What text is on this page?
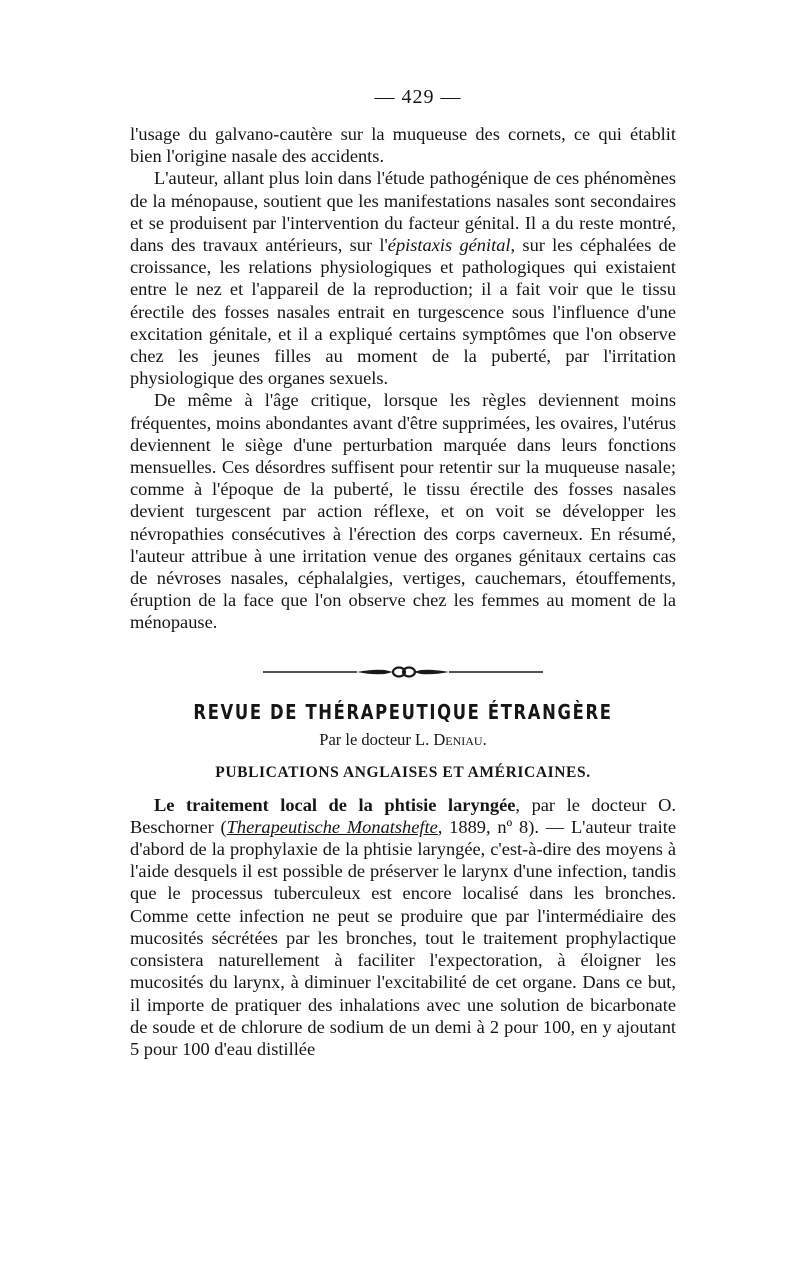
— 429 —

l'usage du galvano-cautère sur la muqueuse des cornets, ce qui établit bien l'origine nasale des accidents.

L'auteur, allant plus loin dans l'étude pathogénique de ces phénomènes de la ménopause, soutient que les manifestations nasales sont secondaires et se produisent par l'intervention du facteur génital. Il a du reste montré, dans des travaux antérieurs, sur l'épistaxis génital, sur les céphalées de croissance, les relations physiologiques et pathologiques qui existaient entre le nez et l'appareil de la reproduction; il a fait voir que le tissu érectile des fosses nasales entrait en turgescence sous l'influence d'une excitation génitale, et il a expliqué certains symptômes que l'on observe chez les jeunes filles au moment de la puberté, par l'irritation physiologique des organes sexuels.

De même à l'âge critique, lorsque les règles deviennent moins fréquentes, moins abondantes avant d'être supprimées, les ovaires, l'utérus deviennent le siège d'une perturbation marquée dans leurs fonctions mensuelles. Ces désordres suffisent pour retentir sur la muqueuse nasale; comme à l'époque de la puberté, le tissu érectile des fosses nasales devient turgescent par action réflexe, et on voit se développer les névropathies consécutives à l'érection des corps caverneux. En résumé, l'auteur attribue à une irritation venue des organes génitaux certains cas de névroses nasales, céphalalgies, vertiges, cauchemars, étouffements, éruption de la face que l'on observe chez les femmes au moment de la ménopause.

REVUE DE THÉRAPEUTIQUE ÉTRANGÈRE
Par le docteur L. Deniau.
PUBLICATIONS ANGLAISES ET AMÉRICAINES.

Le traitement local de la phtisie laryngée, par le docteur O. Beschorner (Therapeutische Monatshefte, 1889, nº 8). — L'auteur traite d'abord de la prophylaxie de la phtisie laryngée, c'est-à-dire des moyens à l'aide desquels il est possible de préserver le larynx d'une infection, tandis que le processus tuberculeux est encore localisé dans les bronches. Comme cette infection ne peut se produire que par l'intermédiaire des mucosités sécrétées par les bronches, tout le traitement prophylactique consistera naturellement à faciliter l'expectoration, à éloigner les mucosités du larynx, à diminuer l'excitabilité de cet organe. Dans ce but, il importe de pratiquer des inhalations avec une solution de bicarbonate de soude et de chlorure de sodium de un demi à 2 pour 100, en y ajoutant 5 pour 100 d'eau distillée
